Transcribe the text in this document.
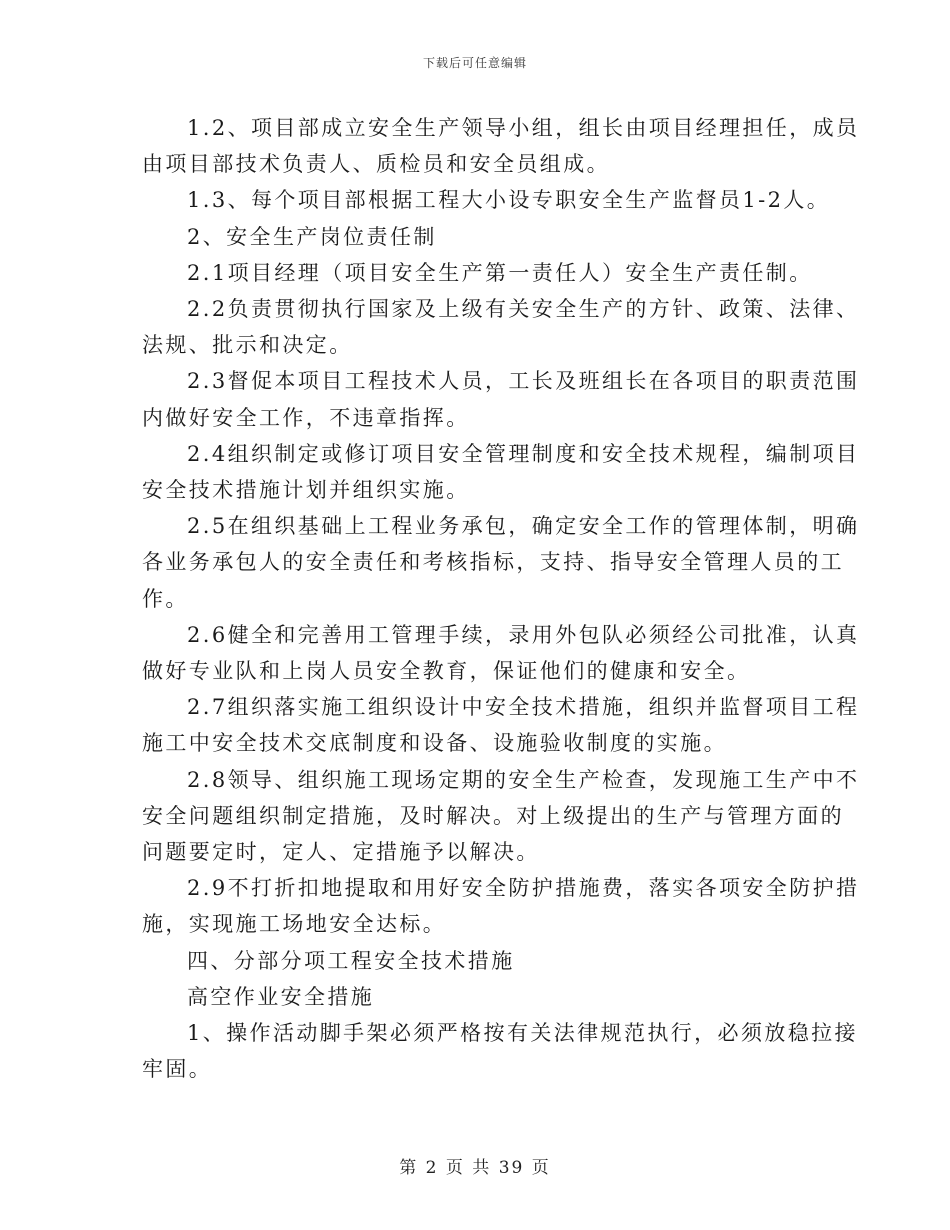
下载后可任意编辑
1.2、项目部成立安全生产领导小组，组长由项目经理担任，成员
由项目部技术负责人、质检员和安全员组成。
1.3、每个项目部根据工程大小设专职安全生产监督员1-2人。
2、安全生产岗位责任制
2.1项目经理（项目安全生产第一责任人）安全生产责任制。
2.2负责贯彻执行国家及上级有关安全生产的方针、政策、法律、
法规、批示和决定。
2.3督促本项目工程技术人员，工长及班组长在各项目的职责范围
内做好安全工作，不违章指挥。
2.4组织制定或修订项目安全管理制度和安全技术规程，编制项目
安全技术措施计划并组织实施。
2.5在组织基础上工程业务承包，确定安全工作的管理体制，明确
各业务承包人的安全责任和考核指标，支持、指导安全管理人员的工
作。
2.6健全和完善用工管理手续，录用外包队必须经公司批准，认真
做好专业队和上岗人员安全教育，保证他们的健康和安全。
2.7组织落实施工组织设计中安全技术措施，组织并监督项目工程
施工中安全技术交底制度和设备、设施验收制度的实施。
2.8领导、组织施工现场定期的安全生产检查，发现施工生产中不
安全问题组织制定措施，及时解决。对上级提出的生产与管理方面的
问题要定时，定人、定措施予以解决。
2.9不打折扣地提取和用好安全防护措施费，落实各项安全防护措
施，实现施工场地安全达标。
四、分部分项工程安全技术措施
高空作业安全措施
1、操作活动脚手架必须严格按有关法律规范执行，必须放稳拉接
牢固。
第 2 页 共 39 页
